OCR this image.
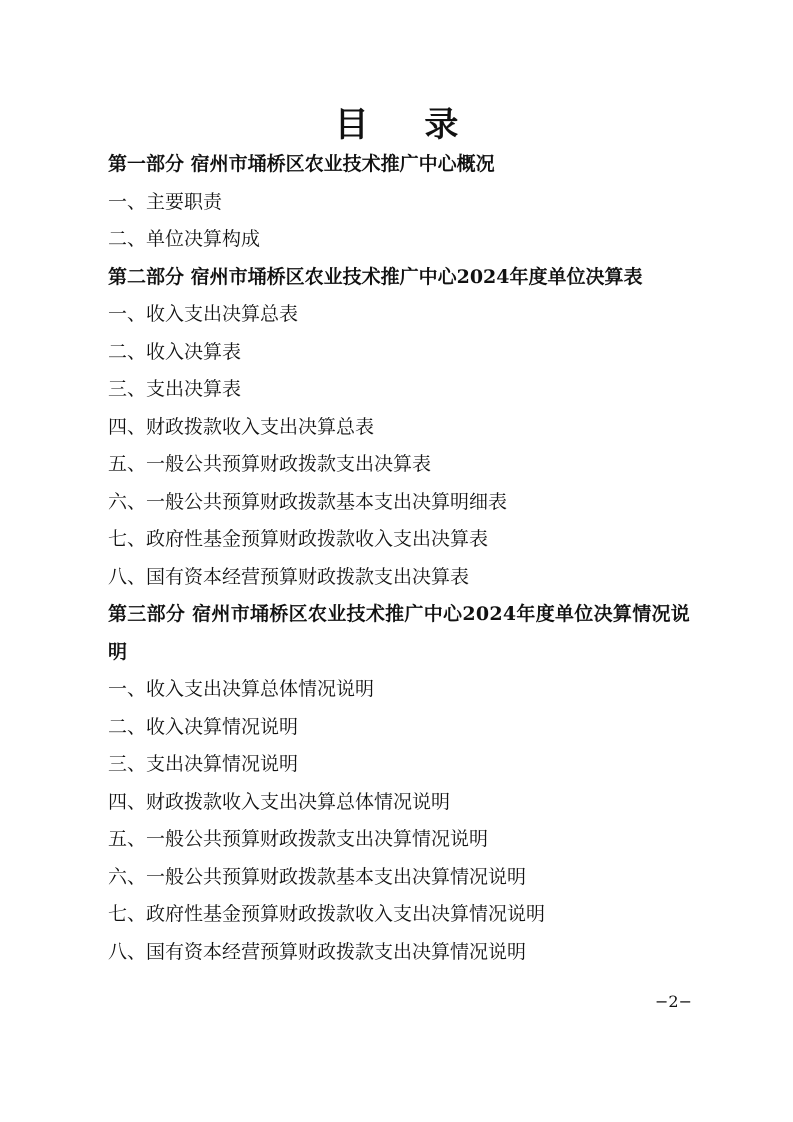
目 录
第一部分 宿州市埇桥区农业技术推广中心概况
一、主要职责
二、单位决算构成
第二部分 宿州市埇桥区农业技术推广中心2024年度单位决算表
一、收入支出决算总表
二、收入决算表
三、支出决算表
四、财政拨款收入支出决算总表
五、一般公共预算财政拨款支出决算表
六、一般公共预算财政拨款基本支出决算明细表
七、政府性基金预算财政拨款收入支出决算表
八、国有资本经营预算财政拨款支出决算表
第三部分 宿州市埇桥区农业技术推广中心2024年度单位决算情况说明
一、收入支出决算总体情况说明
二、收入决算情况说明
三、支出决算情况说明
四、财政拨款收入支出决算总体情况说明
五、一般公共预算财政拨款支出决算情况说明
六、一般公共预算财政拨款基本支出决算情况说明
七、政府性基金预算财政拨款收入支出决算情况说明
八、国有资本经营预算财政拨款支出决算情况说明
−2−
